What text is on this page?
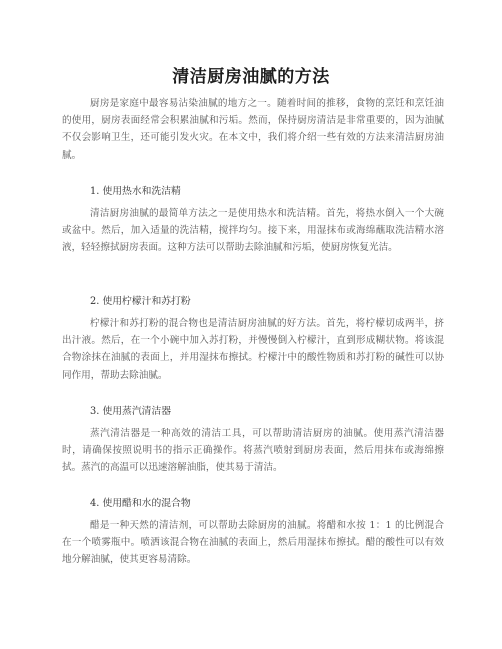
清洁厨房油腻的方法

厨房是家庭中最容易沾染油腻的地方之一。随着时间的推移，食物的烹饪和烹饪油的使用，厨房表面经常会积累油腻和污垢。然而，保持厨房清洁是非常重要的，因为油腻不仅会影响卫生，还可能引发火灾。在本文中，我们将介绍一些有效的方法来清洁厨房油腻。

1. 使用热水和洗洁精

清洁厨房油腻的最简单方法之一是使用热水和洗洁精。首先，将热水倒入一个大碗或盆中。然后，加入适量的洗洁精，搅拌均匀。接下来，用湿抹布或海绵蘸取洗洁精水溶液，轻轻擦拭厨房表面。这种方法可以帮助去除油腻和污垢，使厨房恢复光洁。

2. 使用柠檬汁和苏打粉

柠檬汁和苏打粉的混合物也是清洁厨房油腻的好方法。首先，将柠檬切成两半，挤出汁液。然后，在一个小碗中加入苏打粉，并慢慢倒入柠檬汁，直到形成糊状物。将该混合物涂抹在油腻的表面上，并用湿抹布擦拭。柠檬汁中的酸性物质和苏打粉的碱性可以协同作用，帮助去除油腻。

3. 使用蒸汽清洁器

蒸汽清洁器是一种高效的清洁工具，可以帮助清洁厨房的油腻。使用蒸汽清洁器时，请确保按照说明书的指示正确操作。将蒸汽喷射到厨房表面，然后用抹布或海绵擦拭。蒸汽的高温可以迅速溶解油脂，使其易于清洁。

4. 使用醋和水的混合物

醋是一种天然的清洁剂，可以帮助去除厨房的油腻。将醋和水按 1：1 的比例混合在一个喷雾瓶中。喷洒该混合物在油腻的表面上，然后用湿抹布擦拭。醋的酸性可以有效地分解油腻，使其更容易清除。
